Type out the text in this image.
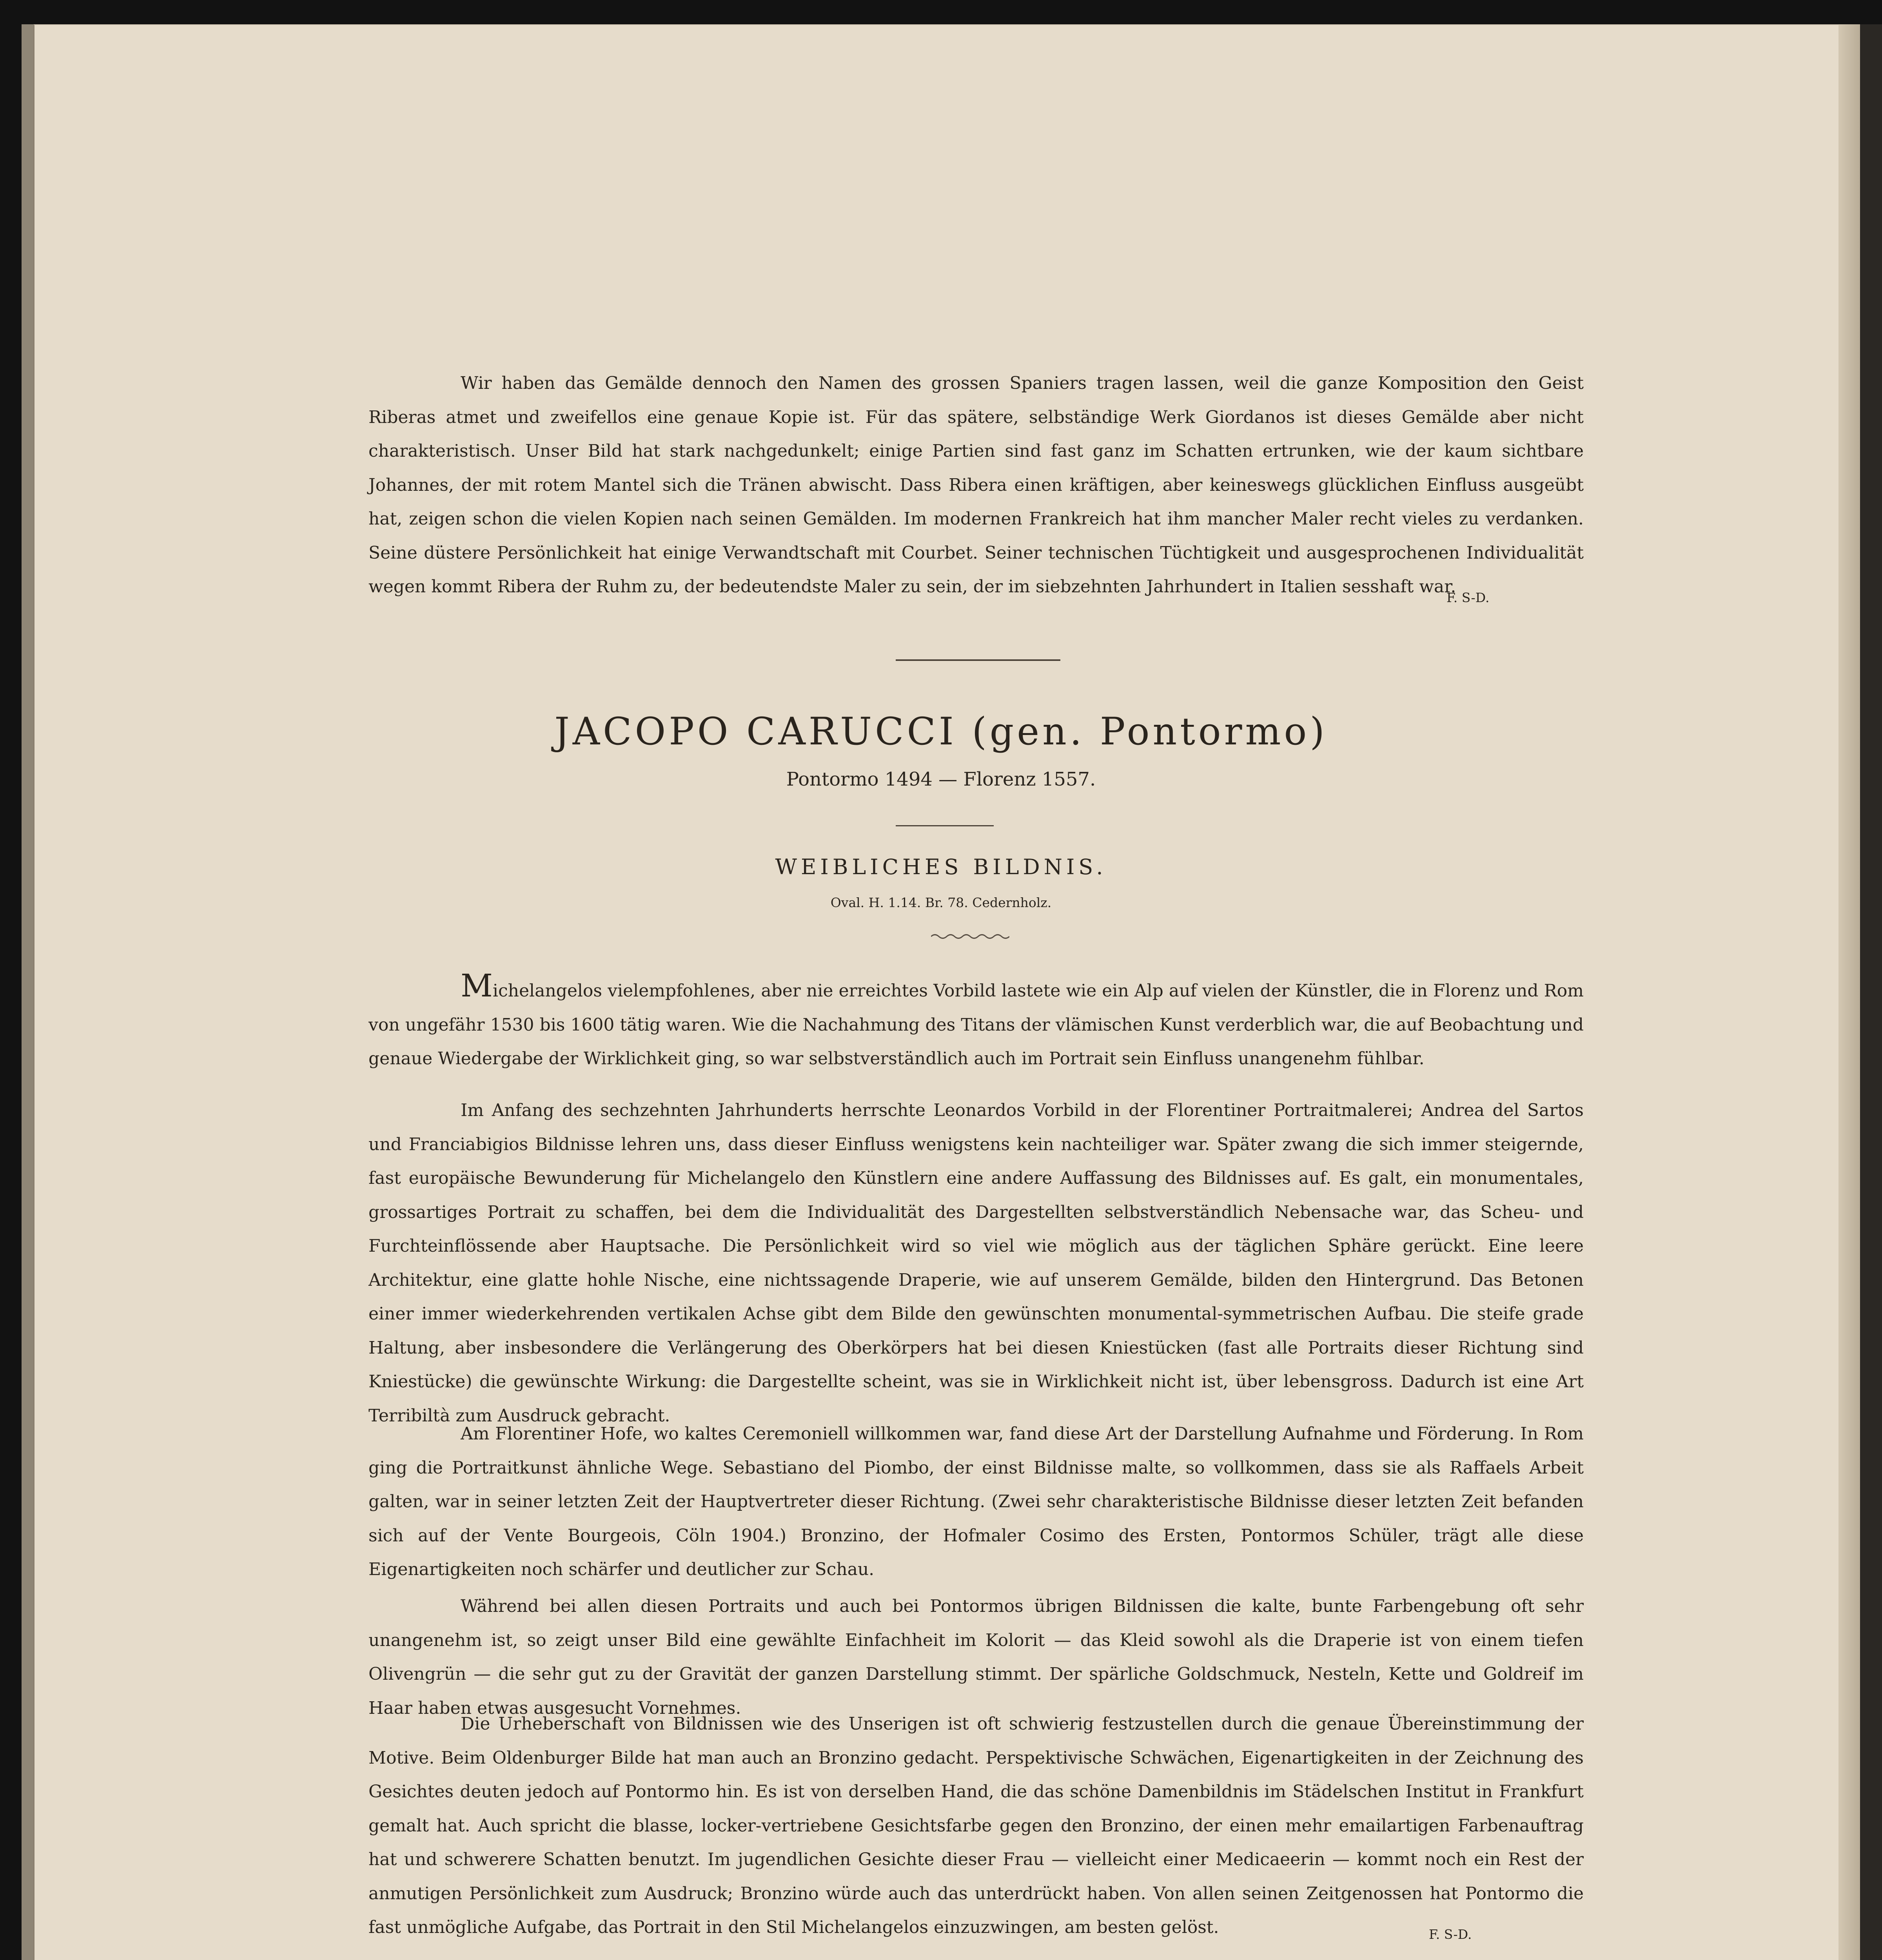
Wir haben das Gemälde dennoch den Namen des grossen Spaniers tragen lassen, weil die ganze Komposition den Geist Riberas atmet und zweifellos eine genaue Kopie ist. Für das spätere, selbständige Werk Giordanos ist dieses Gemälde aber nicht charakteristisch. Unser Bild hat stark nachgedunkelt; einige Partien sind fast ganz im Schatten ertrunken, wie der kaum sichtbare Johannes, der mit rotem Mantel sich die Tränen abwischt. Dass Ribera einen kräftigen, aber keineswegs glücklichen Einfluss ausgeübt hat, zeigen schon die vielen Kopien nach seinen Gemälden. Im modernen Frankreich hat ihm mancher Maler recht vieles zu verdanken. Seine düstere Persönlichkeit hat einige Verwandtschaft mit Courbet. Seiner technischen Tüchtigkeit und ausgesprochenen Individualität wegen kommt Ribera der Ruhm zu, der bedeutendste Maler zu sein, der im siebzehnten Jahrhundert in Italien sesshaft war.

F. S-D.
JACOPO CARUCCI (gen. Pontormo)
Pontormo 1494 — Florenz 1557.
WEIBLICHES BILDNIS.
Oval. H. 1.14. Br. 78. Cedernholz.

Michelangelos vielempfohlenes, aber nie erreichtes Vorbild lastete wie ein Alp auf vielen der Künstler, die in Florenz und Rom von ungefähr 1530 bis 1600 tätig waren. Wie die Nachahmung des Titans der vlämischen Kunst verderblich war, die auf Beobachtung und genaue Wiedergabe der Wirklichkeit ging, so war selbstverständlich auch im Portrait sein Einfluss unangenehm fühlbar.

Im Anfang des sechzehnten Jahrhunderts herrschte Leonardos Vorbild in der Florentiner Portraitmalerei; Andrea del Sartos und Franciabigios Bildnisse lehren uns, dass dieser Einfluss wenigstens kein nachteiliger war. Später zwang die sich immer steigernde, fast europäische Bewunderung für Michelangelo den Künstlern eine andere Auffassung des Bildnisses auf. Es galt, ein monumentales, grossartiges Portrait zu schaffen, bei dem die Individualität des Dargestellten selbstverständlich Nebensache war, das Scheu- und Furchteinflössende aber Hauptsache. Die Persönlichkeit wird so viel wie möglich aus der täglichen Sphäre gerückt. Eine leere Architektur, eine glatte hohle Nische, eine nichtssagende Draperie, wie auf unserem Gemälde, bilden den Hintergrund. Das Betonen einer immer wiederkehrenden vertikalen Achse gibt dem Bilde den gewünschten monumental-symmetrischen Aufbau. Die steife grade Haltung, aber insbesondere die Verlängerung des Oberkörpers hat bei diesen Kniestücken (fast alle Portraits dieser Richtung sind Kniestücke) die gewünschte Wirkung: die Dargestellte scheint, was sie in Wirklichkeit nicht ist, über lebensgross. Dadurch ist eine Art Terribiltà zum Ausdruck gebracht.

Am Florentiner Hofe, wo kaltes Ceremoniell willkommen war, fand diese Art der Darstellung Aufnahme und Förderung. In Rom ging die Portraitkunst ähnliche Wege. Sebastiano del Piombo, der einst Bildnisse malte, so vollkommen, dass sie als Raffaels Arbeit galten, war in seiner letzten Zeit der Hauptvertreter dieser Richtung. (Zwei sehr charakteristische Bildnisse dieser letzten Zeit befanden sich auf der Vente Bourgeois, Cöln 1904.) Bronzino, der Hofmaler Cosimo des Ersten, Pontormos Schüler, trägt alle diese Eigenartigkeiten noch schärfer und deutlicher zur Schau.

Während bei allen diesen Portraits und auch bei Pontormos übrigen Bildnissen die kalte, bunte Farbengebung oft sehr unangenehm ist, so zeigt unser Bild eine gewählte Einfachheit im Kolorit — das Kleid sowohl als die Draperie ist von einem tiefen Olivengrün — die sehr gut zu der Gravität der ganzen Darstellung stimmt. Der spärliche Goldschmuck, Nesteln, Kette und Goldreif im Haar haben etwas ausgesucht Vornehmes.

Die Urheberschaft von Bildnissen wie des Unserigen ist oft schwierig festzustellen durch die genaue Übereinstimmung der Motive. Beim Oldenburger Bilde hat man auch an Bronzino gedacht. Perspektivische Schwächen, Eigenartigkeiten in der Zeichnung des Gesichtes deuten jedoch auf Pontormo hin. Es ist von derselben Hand, die das schöne Damenbildnis im Städelschen Institut in Frankfurt gemalt hat. Auch spricht die blasse, locker-vertriebene Gesichtsfarbe gegen den Bronzino, der einen mehr emailartigen Farbenauftrag hat und schwerere Schatten benutzt. Im jugendlichen Gesichte dieser Frau — vielleicht einer Medicaeerin — kommt noch ein Rest der anmutigen Persönlichkeit zum Ausdruck; Bronzino würde auch das unterdrückt haben. Von allen seinen Zeitgenossen hat Pontormo die fast unmögliche Aufgabe, das Portrait in den Stil Michelangelos einzuzwingen, am besten gelöst.	F. S-D.
